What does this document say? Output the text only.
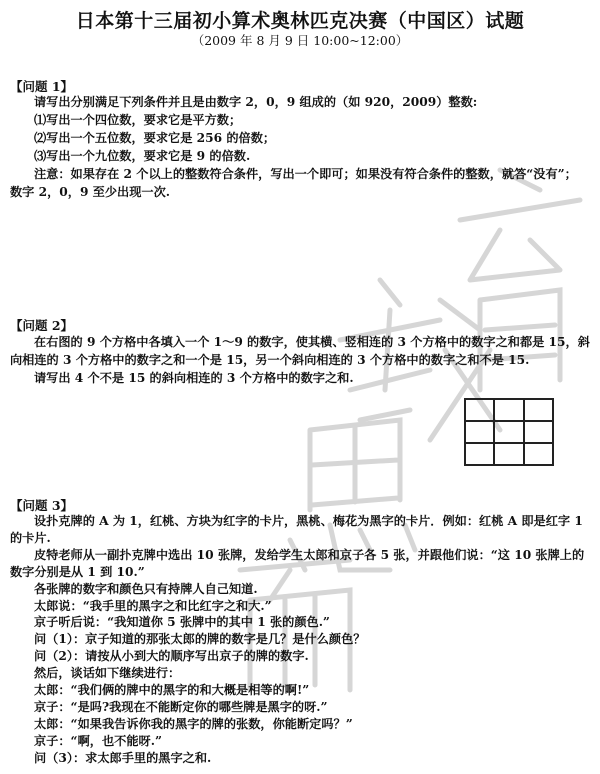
日本第十三届初小算术奥林匹克决赛（中国区）试题
（2009 年 8 月 9 日 10:00~12:00）
【问题 1】
请写出分别满足下列条件并且是由数字 2，0，9 组成的（如 920，2009）整数:
⑴写出一个四位数，要求它是平方数；
⑵写出一个五位数，要求它是 256 的倍数；
⑶写出一个九位数，要求它是 9 的倍数.
注意：如果存在 2 个以上的整数符合条件，写出一个即可；如果没有符合条件的整数，就答“没有”；
数字 2，0，9 至少出现一次.
【问题 2】
在右图的 9 个方格中各填入一个 1～9 的数字，使其横、竖相连的 3 个方格中的数字之和都是 15，斜
向相连的 3 个方格中的数字之和一个是 15，另一个斜向相连的 3 个方格中的数字之和不是 15.
请写出 4 个不是 15 的斜向相连的 3 个方格中的数字之和.
【问题 3】
设扑克牌的 A 为 1，红桃、方块为红字的卡片，黑桃、梅花为黑字的卡片．例如：红桃 A 即是红字 1
的卡片.
皮特老师从一副扑克牌中选出 10 张牌，发给学生太郎和京子各 5 张，并跟他们说：“这 10 张牌上的
数字分别是从 1 到 10.”
各张牌的数字和颜色只有持牌人自己知道.
太郎说：“我手里的黑字之和比红字之和大.”
京子听后说：“我知道你 5 张牌中的其中 1 张的颜色.”
问（1）：京子知道的那张太郎的牌的数字是几？是什么颜色？
问（2）：请按从小到大的顺序写出京子的牌的数字.
然后，谈话如下继续进行：
太郎：“我们俩的牌中的黑字的和大概是相等的啊!”
京子：“是吗?我现在不能断定你的哪些牌是黑字的呀.”
太郎：“如果我告诉你我的黑字的牌的张数，你能断定吗？”
京子：“啊，也不能呀.”
问（3）：求太郎手里的黑字之和.
